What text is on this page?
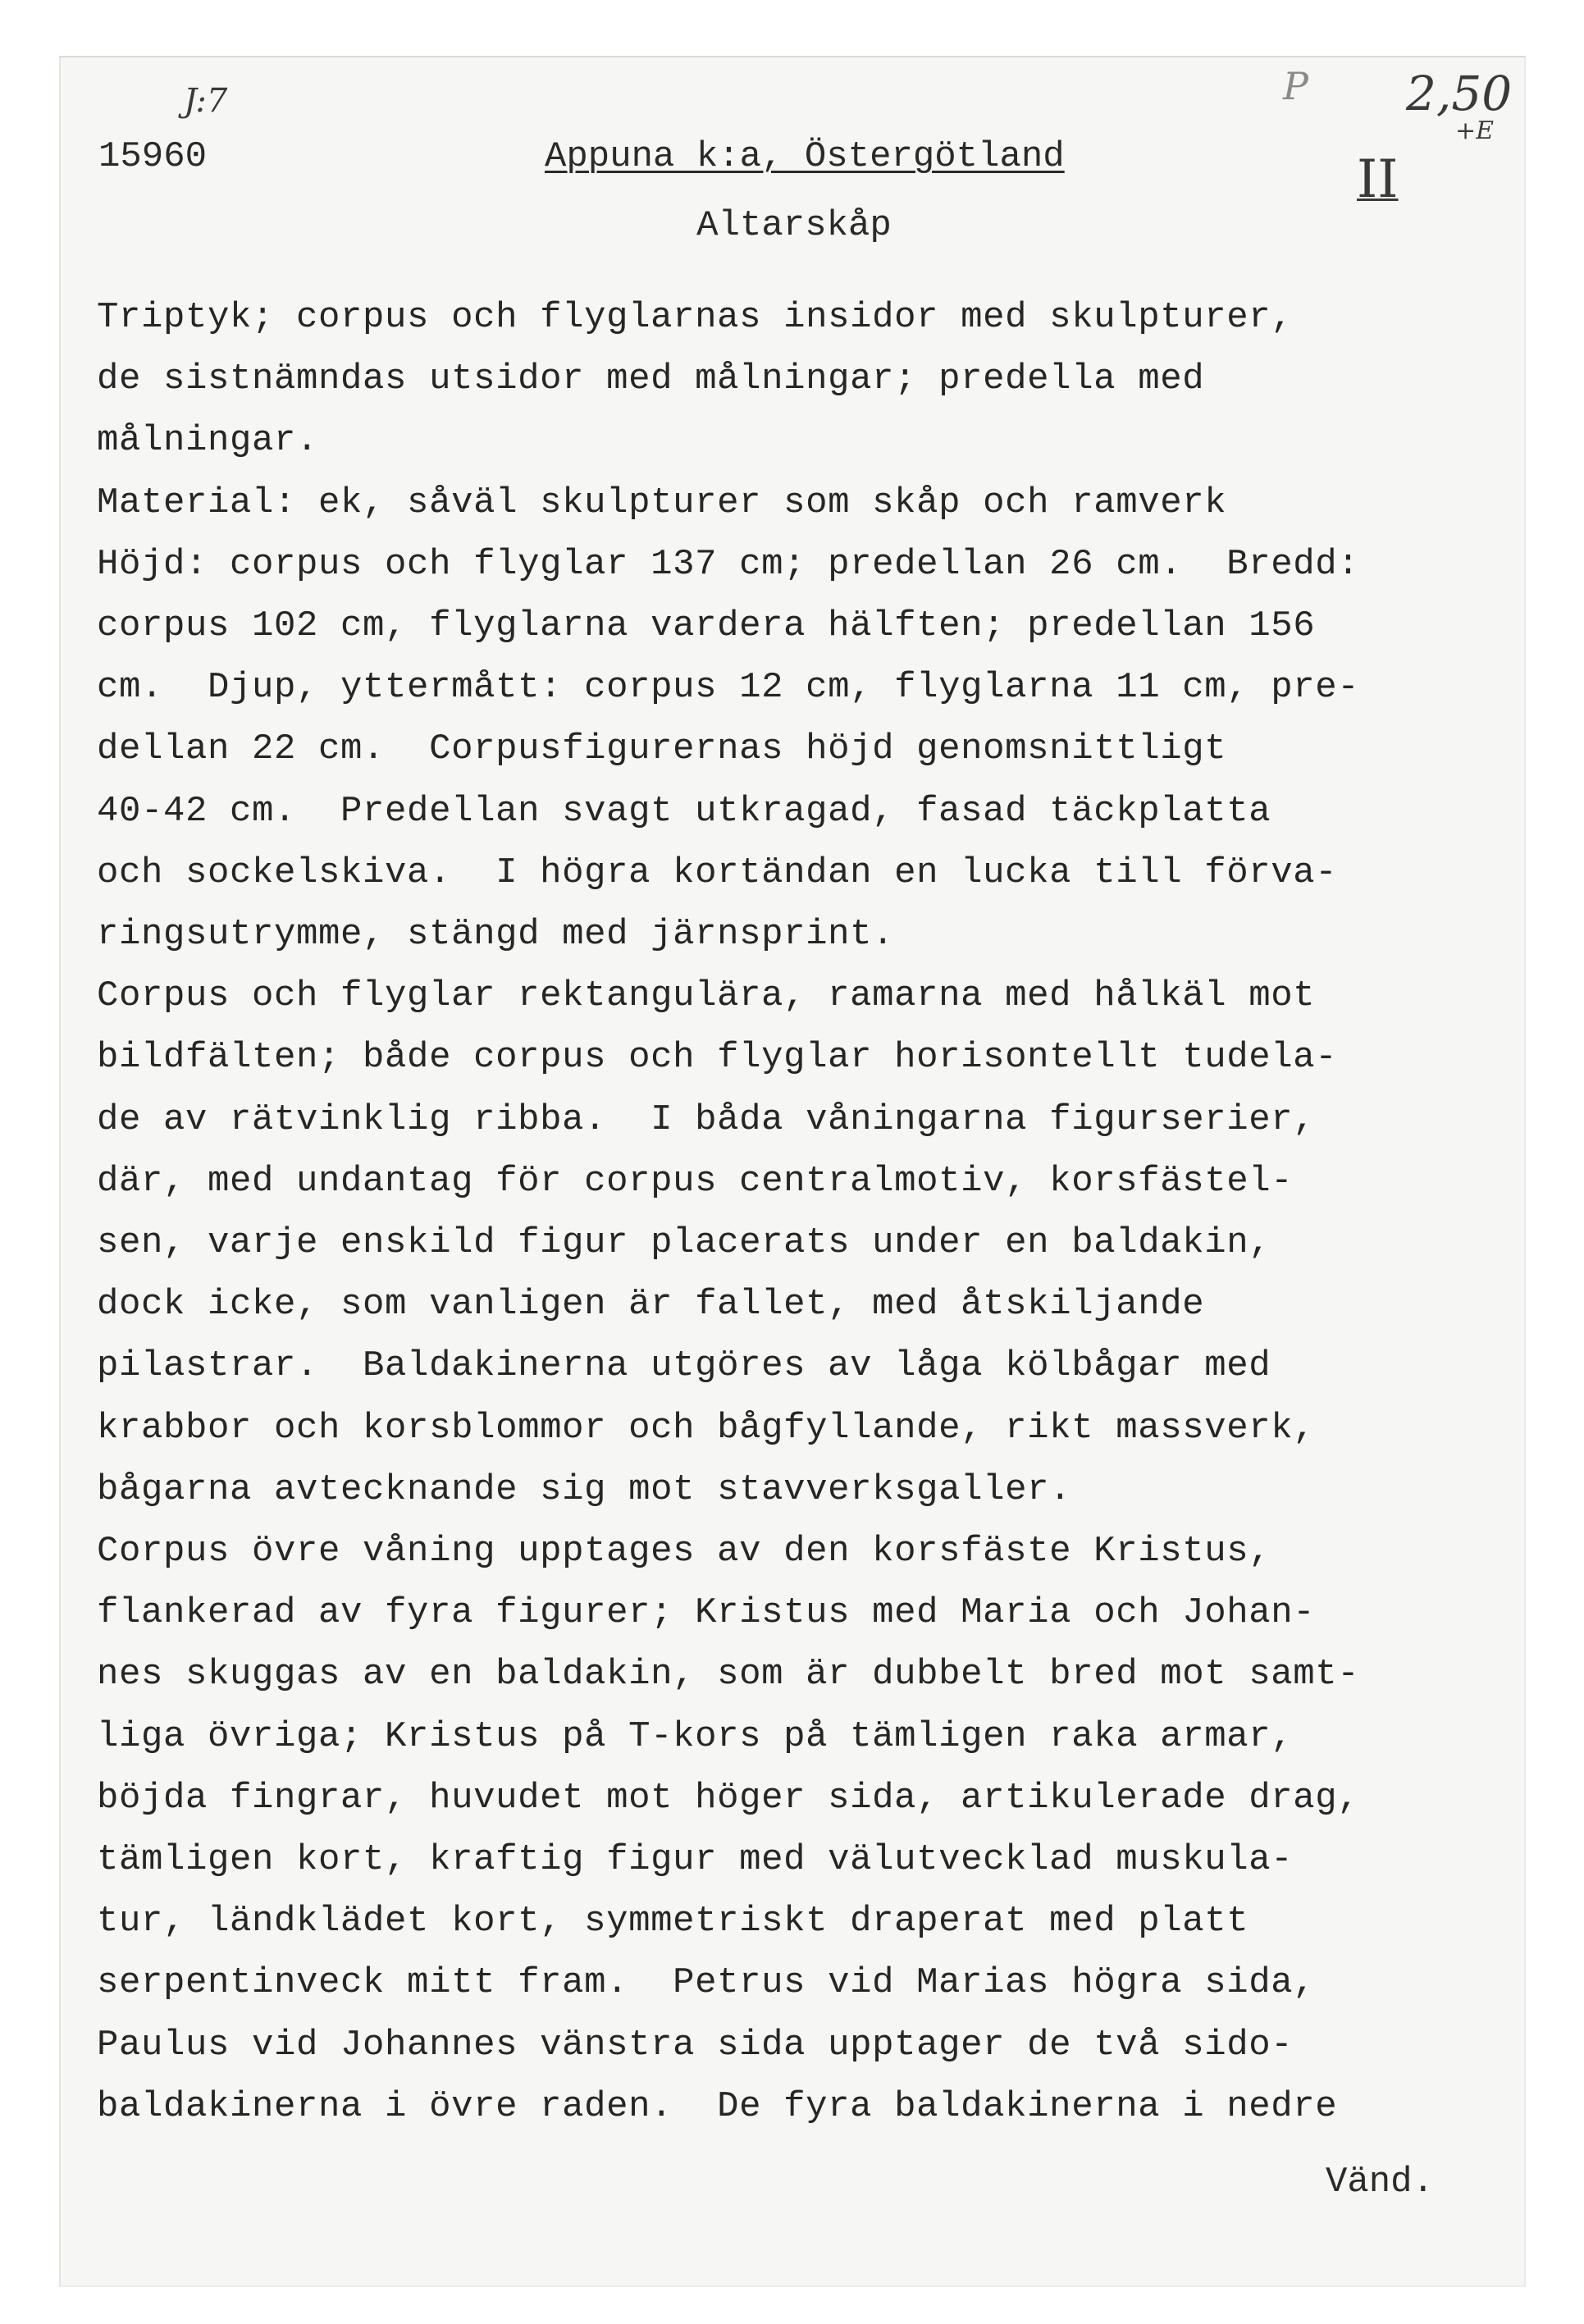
J:7	P 2,50
+E
II
15960	Appuna k:a, Östergötland
Altarskåp
Triptyk; corpus och flyglarnas insidor med skulpturer,
de sistnämndas utsidor med målningar; predella med
målningar.
Material: ek, såväl skulpturer som skåp och ramverk
Höjd: corpus och flyglar 137 cm; predellan 26 cm.  Bredd:
corpus 102 cm, flyglarna vardera hälften; predellan 156
cm.  Djup, yttermått: corpus 12 cm, flyglarna 11 cm, pre-
dellan 22 cm.  Corpusfigurernas höjd genomsnittligt
40-42 cm.  Predellan svagt utkragad, fasad täckplatta
och sockelskiva.  I högra kortändan en lucka till förva-
ringsutrymme, stängd med järnsprint.
Corpus och flyglar rektangulära, ramarna med hålkäl mot
bildfälten; både corpus och flyglar horisontellt tudela-
de av rätvinklig ribba.  I båda våningarna figurserier,
där, med undantag för corpus centralmotiv, korsfästel-
sen, varje enskild figur placerats under en baldakin,
dock icke, som vanligen är fallet, med åtskiljande
pilastrar.  Baldakinerna utgöres av låga kölbågar med
krabbor och korsblommor och bågfyllande, rikt massverk,
bågarna avtecknande sig mot stavverksgaller.
Corpus övre våning upptages av den korsfäste Kristus,
flankerad av fyra figurer; Kristus med Maria och Johan-
nes skuggas av en baldakin, som är dubbelt bred mot samt-
liga övriga; Kristus på T-kors på tämligen raka armar,
böjda fingrar, huvudet mot höger sida, artikulerade drag,
tämligen kort, kraftig figur med välutvecklad muskula-
tur, ländklädet kort, symmetriskt draperat med platt
serpentinveck mitt fram.  Petrus vid Marias högra sida,
Paulus vid Johannes vänstra sida upptager de två sido-
baldakinerna i övre raden.  De fyra baldakinerna i nedre
Vänd.
